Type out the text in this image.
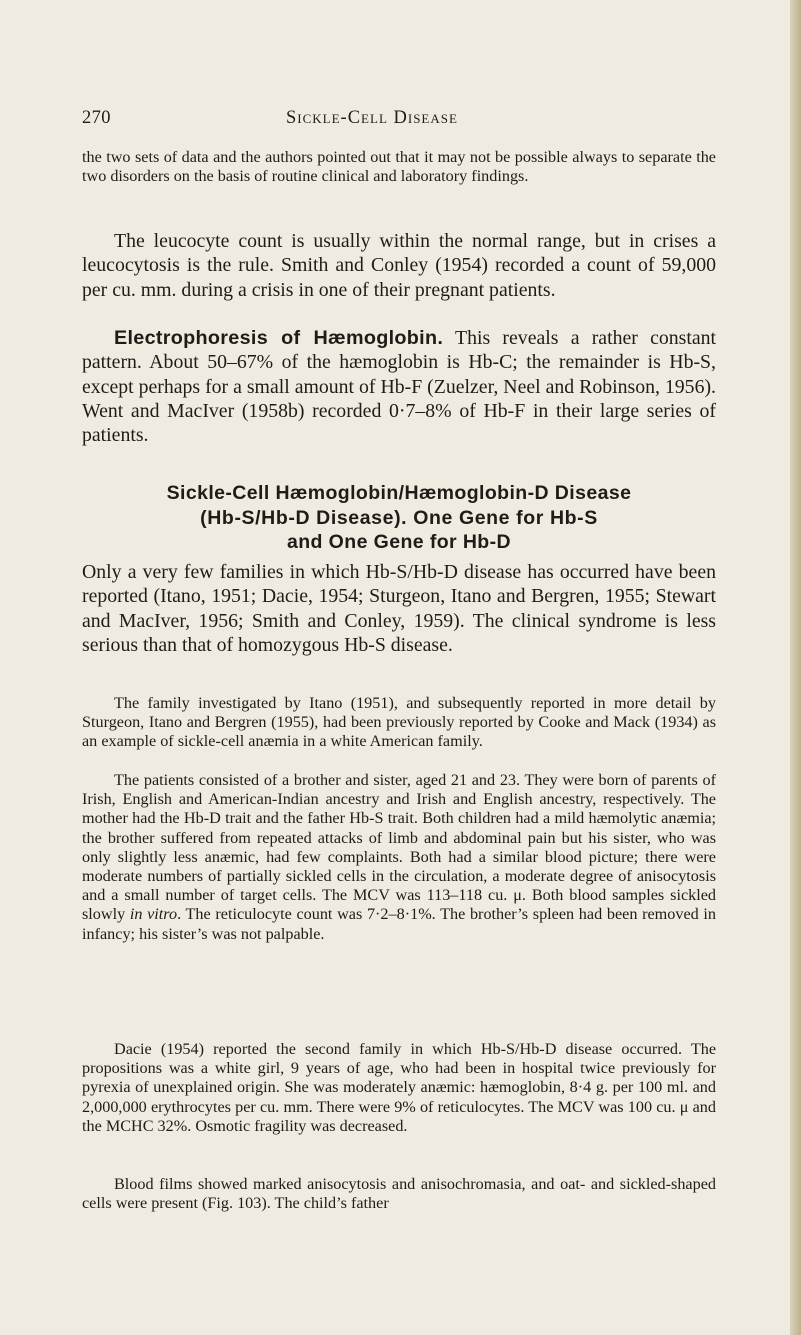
270	Sickle-Cell Disease

the two sets of data and the authors pointed out that it may not be possible always to separate the two disorders on the basis of routine clinical and laboratory findings.

The leucocyte count is usually within the normal range, but in crises a leucocytosis is the rule. Smith and Conley (1954) recorded a count of 59,000 per cu. mm. during a crisis in one of their pregnant patients.

Electrophoresis of Hæmoglobin. This reveals a rather constant pattern. About 50–67% of the hæmoglobin is Hb-C; the remainder is Hb-S, except perhaps for a small amount of Hb-F (Zuelzer, Neel and Robinson, 1956). Went and MacIver (1958b) recorded 0·7–8% of Hb-F in their large series of patients.

Sickle-Cell Hæmoglobin/Hæmoglobin-D Disease
(Hb-S/Hb-D Disease). One Gene for Hb-S
and One Gene for Hb-D

Only a very few families in which Hb-S/Hb-D disease has occurred have been reported (Itano, 1951; Dacie, 1954; Sturgeon, Itano and Bergren, 1955; Stewart and MacIver, 1956; Smith and Conley, 1959). The clinical syndrome is less serious than that of homozygous Hb-S disease.

The family investigated by Itano (1951), and subsequently reported in more detail by Sturgeon, Itano and Bergren (1955), had been previously reported by Cooke and Mack (1934) as an example of sickle-cell anæmia in a white American family.

The patients consisted of a brother and sister, aged 21 and 23. They were born of parents of Irish, English and American-Indian ancestry and Irish and English ancestry, respectively. The mother had the Hb-D trait and the father Hb-S trait. Both children had a mild hæmolytic anæmia; the brother suffered from repeated attacks of limb and abdominal pain but his sister, who was only slightly less anæmic, had few complaints. Both had a similar blood picture; there were moderate numbers of partially sickled cells in the circulation, a moderate degree of anisocytosis and a small number of target cells. The MCV was 113–118 cu. μ. Both blood samples sickled slowly in vitro. The reticulocyte count was 7·2–8·1%. The brother’s spleen had been removed in infancy; his sister’s was not palpable.

Dacie (1954) reported the second family in which Hb-S/Hb-D disease occurred. The propositions was a white girl, 9 years of age, who had been in hospital twice previously for pyrexia of unexplained origin. She was moderately anæmic: hæmoglobin, 8·4 g. per 100 ml. and 2,000,000 erythrocytes per cu. mm. There were 9% of reticulocytes. The MCV was 100 cu. μ and the MCHC 32%. Osmotic fragility was decreased.

Blood films showed marked anisocytosis and anisochromasia, and oat- and sickled-shaped cells were present (Fig. 103). The child’s father
